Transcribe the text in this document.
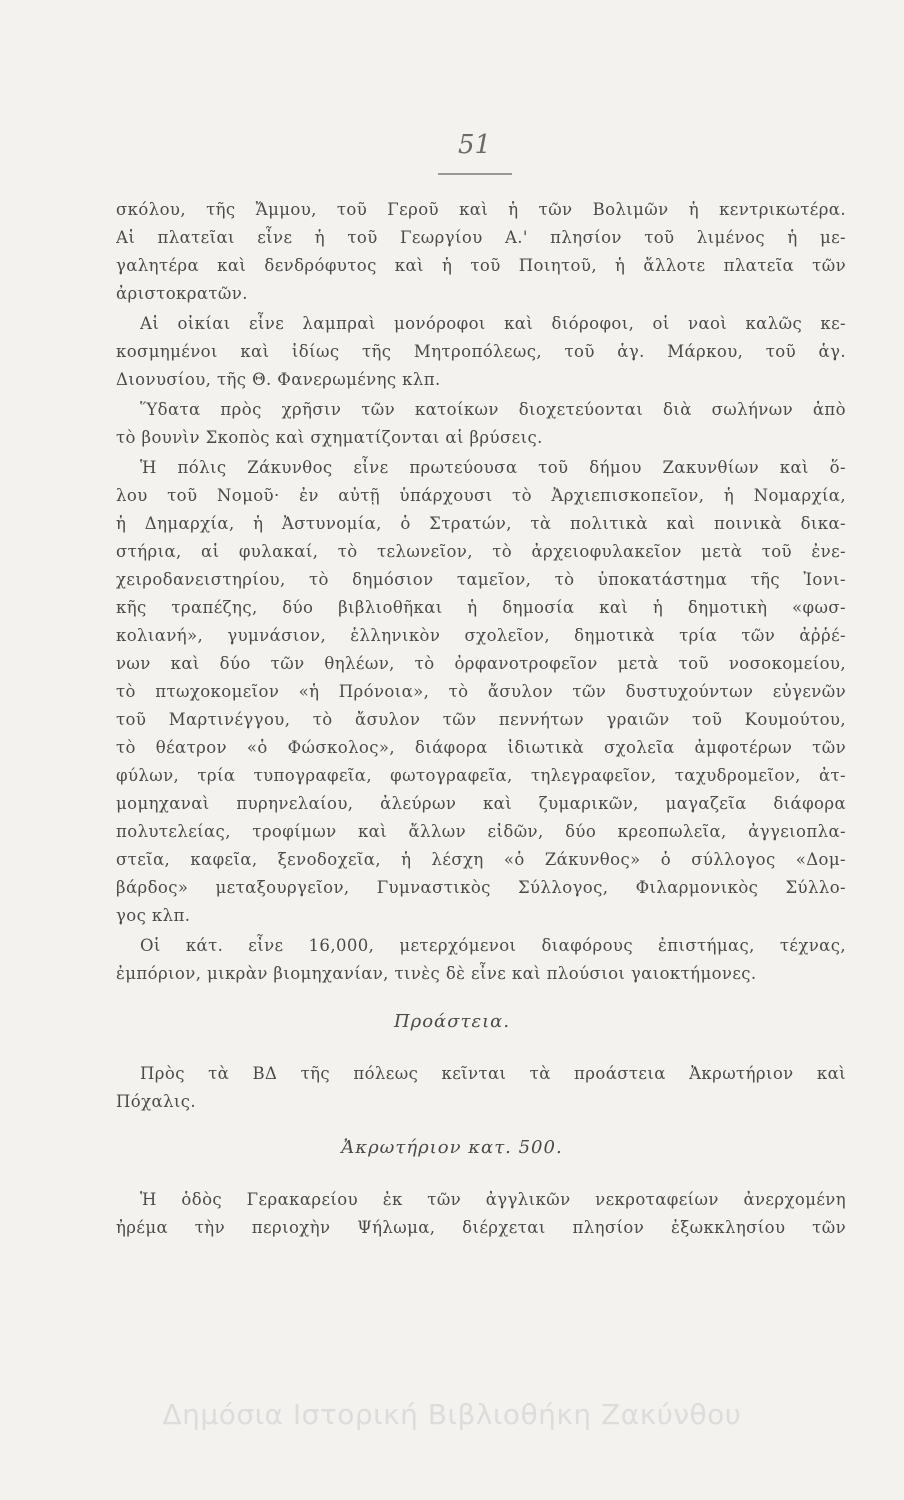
51
σκόλου, τῆς Ἄμμου, τοῦ Γεροῦ καὶ ἡ τῶν Βολιμῶν ἡ κεντρικωτέρα.
Αἱ πλατεῖαι εἶνε ἡ τοῦ Γεωργίου Α.' πλησίον τοῦ λιμένος ἡ με-
γαλητέρα καὶ δενδρόφυτος καὶ ἡ τοῦ Ποιητοῦ, ἡ ἄλλοτε πλατεῖα τῶν
ἀριστοκρατῶν.
Αἱ οἰκίαι εἶνε λαμπραὶ μονόροφοι καὶ διόροφοι, οἱ ναοὶ καλῶς κε-
κοσμημένοι καὶ ἰδίως τῆς Μητροπόλεως, τοῦ ἁγ. Μάρκου, τοῦ ἁγ.
Διονυσίου, τῆς Θ. Φανερωμένης κλπ.
Ὕδατα πρὸς χρῆσιν τῶν κατοίκων διοχετεύονται διὰ σωλήνων ἀπὸ
τὸ βουνὶν Σκοπὸς καὶ σχηματίζονται αἱ βρύσεις.
Ἡ πόλις Ζάκυνθος εἶνε πρωτεύουσα τοῦ δήμου Ζακυνθίων καὶ ὅ-
λου τοῦ Νομοῦ· ἐν αὐτῇ ὑπάρχουσι τὸ Ἀρχιεπισκοπεῖον, ἡ Νομαρχία,
ἡ Δημαρχία, ἡ Ἀστυνομία, ὁ Στρατών, τὰ πολιτικὰ καὶ ποινικὰ δικα-
στήρια, αἱ φυλακαί, τὸ τελωνεῖον, τὸ ἀρχειοφυλακεῖον μετὰ τοῦ ἐνε-
χειροδανειστηρίου, τὸ δημόσιον ταμεῖον, τὸ ὑποκατάστημα τῆς Ἰονι-
κῆς τραπέζης, δύο βιβλιοθῆκαι ἡ δημοσία καὶ ἡ δημοτικὴ «φωσ-
κολιανή», γυμνάσιον, ἑλληνικὸν σχολεῖον, δημοτικὰ τρία τῶν ἀῤῥέ-
νων καὶ δύο τῶν θηλέων, τὸ ὀρφανοτροφεῖον μετὰ τοῦ νοσοκομείου,
τὸ πτωχοκομεῖον «ἡ Πρόνοια», τὸ ἄσυλον τῶν δυστυχούντων εὐγενῶν
τοῦ Μαρτινέγγου, τὸ ἄσυλον τῶν πεννήτων γραιῶν τοῦ Κουμούτου,
τὸ θέατρον «ὁ Φώσκολος», διάφορα ἰδιωτικὰ σχολεῖα ἀμφοτέρων τῶν
φύλων, τρία τυπογραφεῖα, φωτογραφεῖα, τηλεγραφεῖον, ταχυδρομεῖον, ἀτ-
μομηχαναὶ πυρηνελαίου, ἀλεύρων καὶ ζυμαρικῶν, μαγαζεῖα διάφορα
πολυτελείας, τροφίμων καὶ ἄλλων εἰδῶν, δύο κρεοπωλεῖα, ἀγγειοπλα-
στεῖα, καφεῖα, ξενοδοχεῖα, ἡ λέσχη «ὁ Ζάκυνθος» ὁ σύλλογος «Δομ-
βάρδος» μεταξουργεῖον, Γυμναστικὸς Σύλλογος, Φιλαρμονικὸς Σύλλο-
γος κλπ.
Οἱ κάτ. εἶνε 16,000, μετερχόμενοι διαφόρους ἐπιστήμας, τέχνας,
ἐμπόριον, μικρὰν βιομηχανίαν, τινὲς δὲ εἶνε καὶ πλούσιοι γαιοκτήμονες.
Προάστεια.
Πρὸς τὰ ΒΔ τῆς πόλεως κεῖνται τὰ προάστεια Ἀκρωτήριον καὶ
Πόχαλις.
Ἀκρωτήριον κατ. 500.
Ἡ ὁδὸς Γερακαρείου ἐκ τῶν ἀγγλικῶν νεκροταφείων ἀνερχομένη
ἠρέμα τὴν περιοχὴν Ψήλωμα, διέρχεται πλησίον ἐξωκκλησίου τῶν
Δημόσια Ιστορική Βιβλιοθήκη Ζακύνθου
